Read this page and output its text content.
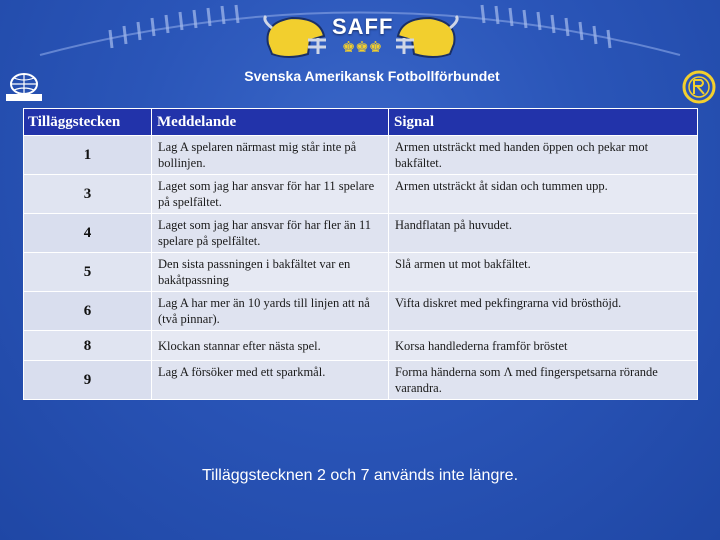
SAFF
♚♚♚
Svenska Amerikansk Fotbollförbundet
Tilläggstecken	Meddelande	Signal
1	Lag A spelaren närmast mig står inte på bollinjen.	Armen utsträckt med handen öppen och pekar mot bakfältet.
3	Laget som jag har ansvar för har 11 spelare på spelfältet.	Armen utsträckt åt sidan och tummen upp.
4	Laget som jag har ansvar för har fler än 11 spelare på spelfältet.	Handflatan på huvudet.
5	Den sista passningen i bakfältet var en bakåtpassning	Slå armen ut mot bakfältet.
6	Lag A har mer än 10 yards till linjen att nå (två pinnar).	Vifta diskret med pekfingrarna vid brösthöjd.
8	Klockan stannar efter nästa spel.	Korsa handlederna framför bröstet
9	Lag A försöker med ett sparkmål.	Forma händerna som Λ med fingerspetsarna rörande varandra.
Tilläggstecknen 2 och 7 används inte längre.
